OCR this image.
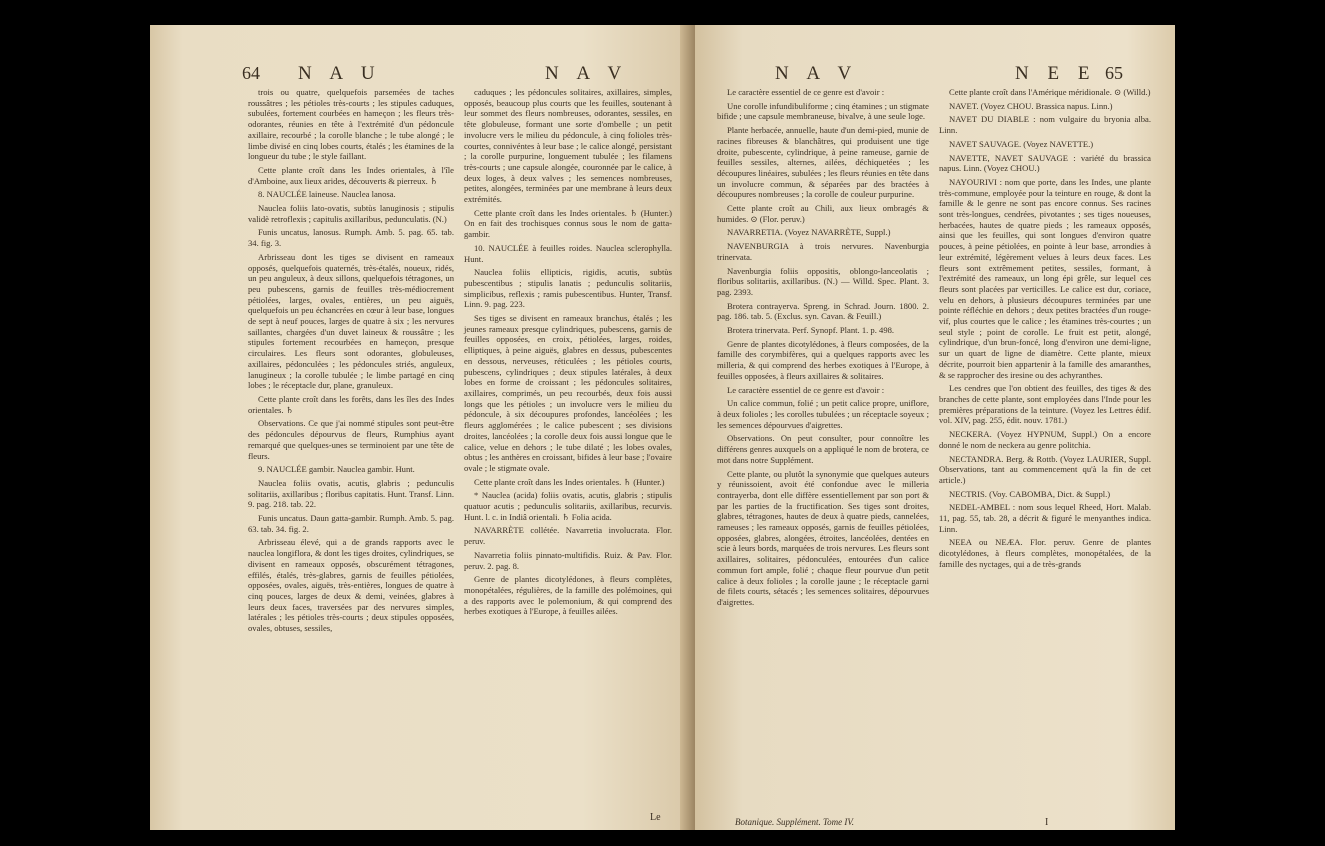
64 N A U	N A V

trois ou quatre, quelquefois parsemées de taches roussâtres ; les pétioles très-courts ; les stipules caduques, subulées, fortement courbées en hameçon ; les fleurs très-odorantes, réunies en tête à l'extrémité d'un pédoncule axillaire, recourbé ; la corolle blanche ; le tube alongé ; le limbe divisé en cinq lobes courts, étalés ; les étamines de la longueur du tube ; le style faillant.

Cette plante croît dans les Indes orientales, à l'île d'Amboine, aux lieux arides, découverts & pierreux. ♄

8. NAUCLÉE laineuse. Nauclea lanosa.

Nauclea foliis lato-ovatis, subtùs lanuginosis ; stipulis validè retroflexis ; capitulis axillaribus, pedunculatis. (N.)

Funis uncatus, lanosus. Rumph. Amb. 5. pag. 65. tab. 34. fig. 3.

Arbrisseau dont les tiges se divisent en rameaux opposés, quelquefois quaternés, très-étalés, noueux, ridés, un peu anguleux, à deux sillons, quelquefois tétragones, un peu pubescens, garnis de feuilles très-médiocrement pétiolées, larges, ovales, entières, un peu aiguës, quelquefois un peu échancrées en cœur à leur base, longues de sept à neuf pouces, larges de quatre à six ; les nervures saillantes, chargées d'un duvet laineux & roussâtre ; les stipules fortement recourbées en hameçon, presque circulaires. Les fleurs sont odorantes, globuleuses, axillaires, pédonculées ; les pédoncules striés, anguleux, lanugineux ; la corolle tubulée ; le limbe partagé en cinq lobes ; le réceptacle dur, plane, granuleux.

Cette plante croît dans les forêts, dans les îles des Indes orientales. ♄

Observations. Ce que j'ai nommé stipules sont peut-être des pédoncules dépourvus de fleurs, Rumphius ayant remarqué que quelques-unes se terminoient par une tête de fleurs.

9. NAUCLÉE gambir. Nauclea gambir. Hunt.

Nauclea foliis ovatis, acutis, glabris ; pedunculis solitariis, axillaribus ; floribus capitatis. Hunt. Transf. Linn. 9. pag. 218. tab. 22.

Funis uncatus. Daun gatta-gambir. Rumph. Amb. 5. pag. 63. tab. 34. fig. 2.

Arbrisseau élevé, qui a de grands rapports avec le nauclea longiflora, & dont les tiges droites, cylindriques, se divisent en rameaux opposés, obscurément tétragones, effilés, étalés, très-glabres, garnis de feuilles pétiolées, opposées, ovales, aiguës, très-entières, longues de quatre à cinq pouces, larges de deux & demi, veinées, glabres à leurs deux faces, traversées par des nervures simples, latérales ; les pétioles très-courts ; deux stipules opposées, ovales, obtuses, sessiles,

caduques ; les pédoncules solitaires, axillaires, simples, opposés, beaucoup plus courts que les feuilles, soutenant à leur sommet des fleurs nombreuses, odorantes, sessiles, en tête globuleuse, formant une sorte d'ombelle ; un petit involucre vers le milieu du pédoncule, à cinq folioles très-courtes, connivéntes à leur base ; le calice alongé, persistant ; la corolle purpurine, longuement tubulée ; les filamens très-courts ; une capsule alongée, couronnée par le calice, à deux loges, à deux valves ; les semences nombreuses, petites, alongées, terminées par une membrane à leurs deux extrémités.

Cette plante croît dans les Indes orientales. ♄ (Hunter.) On en fait des trochisques connus sous le nom de gatta-gambir.

10. NAUCLÉE à feuilles roides. Nauclea sclerophylla. Hunt.

Nauclea foliis ellipticis, rigidis, acutis, subtùs pubescentibus ; stipulis lanatis ; pedunculis solitariis, simplicibus, reflexis ; ramis pubescentibus. Hunter, Transf. Linn. 9. pag. 223.

Ses tiges se divisent en rameaux branchus, étalés ; les jeunes rameaux presque cylindriques, pubescens, garnis de feuilles opposées, en croix, pétiolées, larges, roides, elliptiques, à peine aiguës, glabres en dessus, pubescentes en dessous, nerveuses, réticulées ; les pétioles courts, pubescens, cylindriques ; deux stipules latérales, à deux lobes en forme de croissant ; les pédoncules solitaires, axillaires, comprimés, un peu recourbés, deux fois aussi longs que les pétioles ; un involucre vers le milieu du pédoncule, à six découpures profondes, lancéolées ; les fleurs agglomérées ; le calice pubescent ; ses divisions droites, lancéolées ; la corolle deux fois aussi longue que le calice, velue en dehors ; le tube dilaté ; les lobes ovales, obtus ; les anthères en croissant, bifides à leur base ; l'ovaire ovale ; le stigmate ovale.

Cette plante croît dans les Indes orientales. ♄ (Hunter.)

* Nauclea (acida) foliis ovatis, acutis, glabris ; stipulis quatuor acutis ; pedunculis solitariis, axillaribus, recurvis. Hunt. l. c. in Indiâ orientali. ♄ Folia acida.

NAVARRÈTE collétée. Navarretia involucrata. Flor. peruv.

Navarretia foliis pinnato-multifidis. Ruiz. & Pav. Flor. peruv. 2. pag. 8.

Genre de plantes dicotylédones, à fleurs complètes, monopétalées, régulières, de la famille des polémoines, qui a des rapports avec le polemonium, & qui comprend des herbes exotiques à l'Europe, à feuilles ailées.

Le
N A V	N E E 65

Le caractère essentiel de ce genre est d'avoir :

Une corolle infundibuliforme ; cinq étamines ; un stigmate bifide ; une capsule membraneuse, bivalve, à une seule loge.

Plante herbacée, annuelle, haute d'un demi-pied, munie de racines fibreuses & blanchâtres, qui produisent une tige droite, pubescente, cylindrique, à peine rameuse, garnie de feuilles sessiles, alternes, ailées, déchiquetées ; les découpures linéaires, subulées ; les fleurs réunies en tête dans un involucre commun, & séparées par des bractées à découpures nombreuses ; la corolle de couleur purpurine.

Cette plante croît au Chili, aux lieux ombragés & humides. ⊙ (Flor. peruv.)

NAVARRETIA. (Voyez NAVARRÈTE, Suppl.)

NAVENBURGIA à trois nervures. Navenburgia trinervata.

Navenburgia foliis oppositis, oblongo-lanceolatis ; floribus solitariis, axillaribus. (N.) — Willd. Spec. Plant. 3. pag. 2393.

Brotera contrayerva. Spreng. in Schrad. Journ. 1800. 2. pag. 186. tab. 5. (Exclus. syn. Cavan. & Feuill.)

Brotera trinervata. Perf. Synopf. Plant. 1. p. 498.

Genre de plantes dicotylédones, à fleurs composées, de la famille des corymbifères, qui a quelques rapports avec les milleria, & qui comprend des herbes exotiques à l'Europe, à feuilles opposées, à fleurs axillaires & solitaires.

Le caractère essentiel de ce genre est d'avoir :

Un calice commun, folié ; un petit calice propre, uniflore, à deux folioles ; les corolles tubulées ; un réceptacle soyeux ; les semences dépourvues d'aigrettes.

Observations. On peut consulter, pour connoître les différens genres auxquels on a appliqué le nom de brotera, ce mot dans notre Supplément.

Cette plante, ou plutôt la synonymie que quelques auteurs y réunissoient, avoit été confondue avec le milleria contrayerba, dont elle diffère essentiellement par son port & par les parties de la fructification. Ses tiges sont droites, glabres, tétragones, hautes de deux à quatre pieds, cannelées, rameuses ; les rameaux opposés, garnis de feuilles pétiolées, opposées, glabres, alongées, étroites, lancéolées, dentées en scie à leurs bords, marquées de trois nervures. Les fleurs sont axillaires, solitaires, pédonculées, entourées d'un calice commun fort ample, folié ; chaque fleur pourvue d'un petit calice à deux folioles ; la corolle jaune ; le réceptacle garni de filets courts, sétacés ; les semences solitaires, dépourvues d'aigrettes.

Cette plante croît dans l'Amérique méridionale. ⊙ (Willd.)

NAVET. (Voyez CHOU. Brassica napus. Linn.)

NAVET DU DIABLE : nom vulgaire du bryonia alba. Linn.

NAVET SAUVAGE. (Voyez NAVETTE.)

NAVETTE, NAVET SAUVAGE : variété du brassica napus. Linn. (Voyez CHOU.)

NAYOURIVI : nom que porte, dans les Indes, une plante très-commune, employée pour la teinture en rouge, & dont la famille & le genre ne sont pas encore connus. Ses racines sont très-longues, cendrées, pivotantes ; ses tiges noueuses, herbacées, hautes de quatre pieds ; les rameaux opposés, ainsi que les feuilles, qui sont longues d'environ quatre pouces, à peine pétiolées, en pointe à leur base, arrondies à leur extrémité, légèrement velues à leurs deux faces. Les fleurs sont extrêmement petites, sessiles, formant, à l'extrémité des rameaux, un long épi grêle, sur lequel ces fleurs sont placées par verticilles. Le calice est dur, coriace, velu en dehors, à plusieurs découpures terminées par une pointe réfléchie en dehors ; deux petites bractées d'un rouge-vif, plus courtes que le calice ; les étamines très-courtes ; un seul style ; point de corolle. Le fruit est petit, alongé, cylindrique, d'un brun-foncé, long d'environ une demi-ligne, sur un quart de ligne de diamètre. Cette plante, mieux décrite, pourroit bien appartenir à la famille des amaranthes, & se rapprocher des iresine ou des achyranthes.

Les cendres que l'on obtient des feuilles, des tiges & des branches de cette plante, sont employées dans l'Inde pour les premières préparations de la teinture. (Voyez les Lettres édif. vol. XIV, pag. 255, édit. nouv. 1781.)

NECKERA. (Voyez HYPNUM, Suppl.) On a encore donné le nom de neckera au genre politchia.

NECTANDRA. Berg. & Rottb. (Voyez LAURIER, Suppl. Observations, tant au commencement qu'à la fin de cet article.)

NECTRIS. (Voy. CABOMBA, Dict. & Suppl.)

NEDEL-AMBEL : nom sous lequel Rheed, Hort. Malab. 11, pag. 55, tab. 28, a décrit & figuré le menyanthes indica. Linn.

NEEA ou NEÆA. Flor. peruv. Genre de plantes dicotylédones, à fleurs complètes, monopétalées, de la famille des nyctages, qui a de très-grands

Botanique. Supplément. Tome IV.	I
